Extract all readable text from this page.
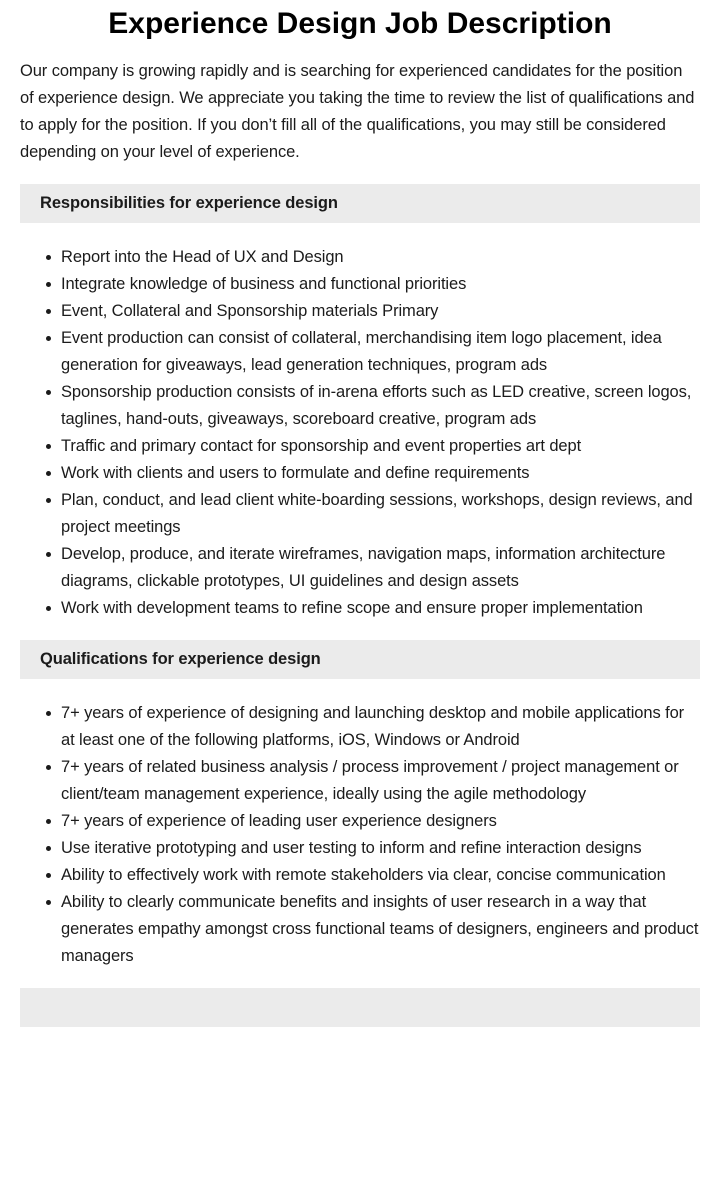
Experience Design Job Description

Our company is growing rapidly and is searching for experienced candidates for the position of experience design. We appreciate you taking the time to review the list of qualifications and to apply for the position. If you don’t fill all of the qualifications, you may still be considered depending on your level of experience.

Responsibilities for experience design
Report into the Head of UX and Design
Integrate knowledge of business and functional priorities
Event, Collateral and Sponsorship materials Primary
Event production can consist of collateral, merchandising item logo placement, idea generation for giveaways, lead generation techniques, program ads
Sponsorship production consists of in-arena efforts such as LED creative, screen logos, taglines, hand-outs, giveaways, scoreboard creative, program ads
Traffic and primary contact for sponsorship and event properties art dept
Work with clients and users to formulate and define requirements
Plan, conduct, and lead client white-boarding sessions, workshops, design reviews, and project meetings
Develop, produce, and iterate wireframes, navigation maps, information architecture diagrams, clickable prototypes, UI guidelines and design assets
Work with development teams to refine scope and ensure proper implementation
Qualifications for experience design
7+ years of experience of designing and launching desktop and mobile applications for at least one of the following platforms, iOS, Windows or Android
7+ years of related business analysis / process improvement / project management or client/team management experience, ideally using the agile methodology
7+ years of experience of leading user experience designers
Use iterative prototyping and user testing to inform and refine interaction designs
Ability to effectively work with remote stakeholders via clear, concise communication
Ability to clearly communicate benefits and insights of user research in a way that generates empathy amongst cross functional teams of designers, engineers and product managers
